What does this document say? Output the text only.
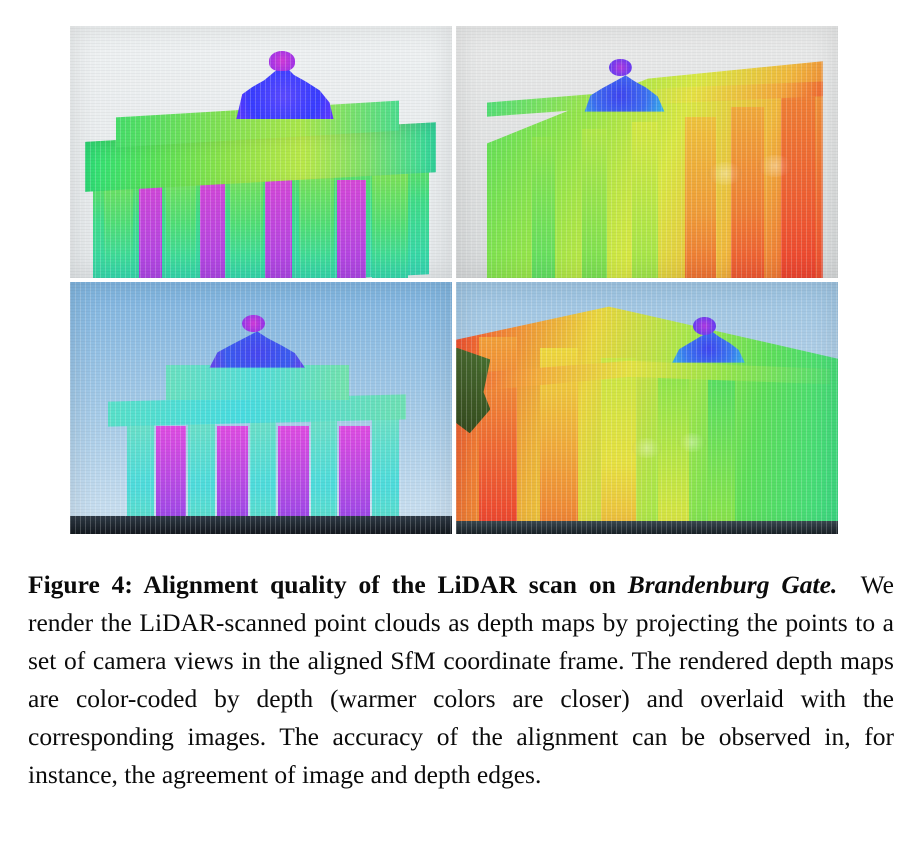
Figure 4: Alignment quality of the LiDAR scan on Brandenburg Gate. We render the LiDAR-scanned point clouds as depth maps by projecting the points to a set of camera views in the aligned SfM coordinate frame. The rendered depth maps are color-coded by depth (warmer colors are closer) and overlaid with the corresponding images. The accuracy of the alignment can be observed in, for instance, the agreement of image and depth edges.
